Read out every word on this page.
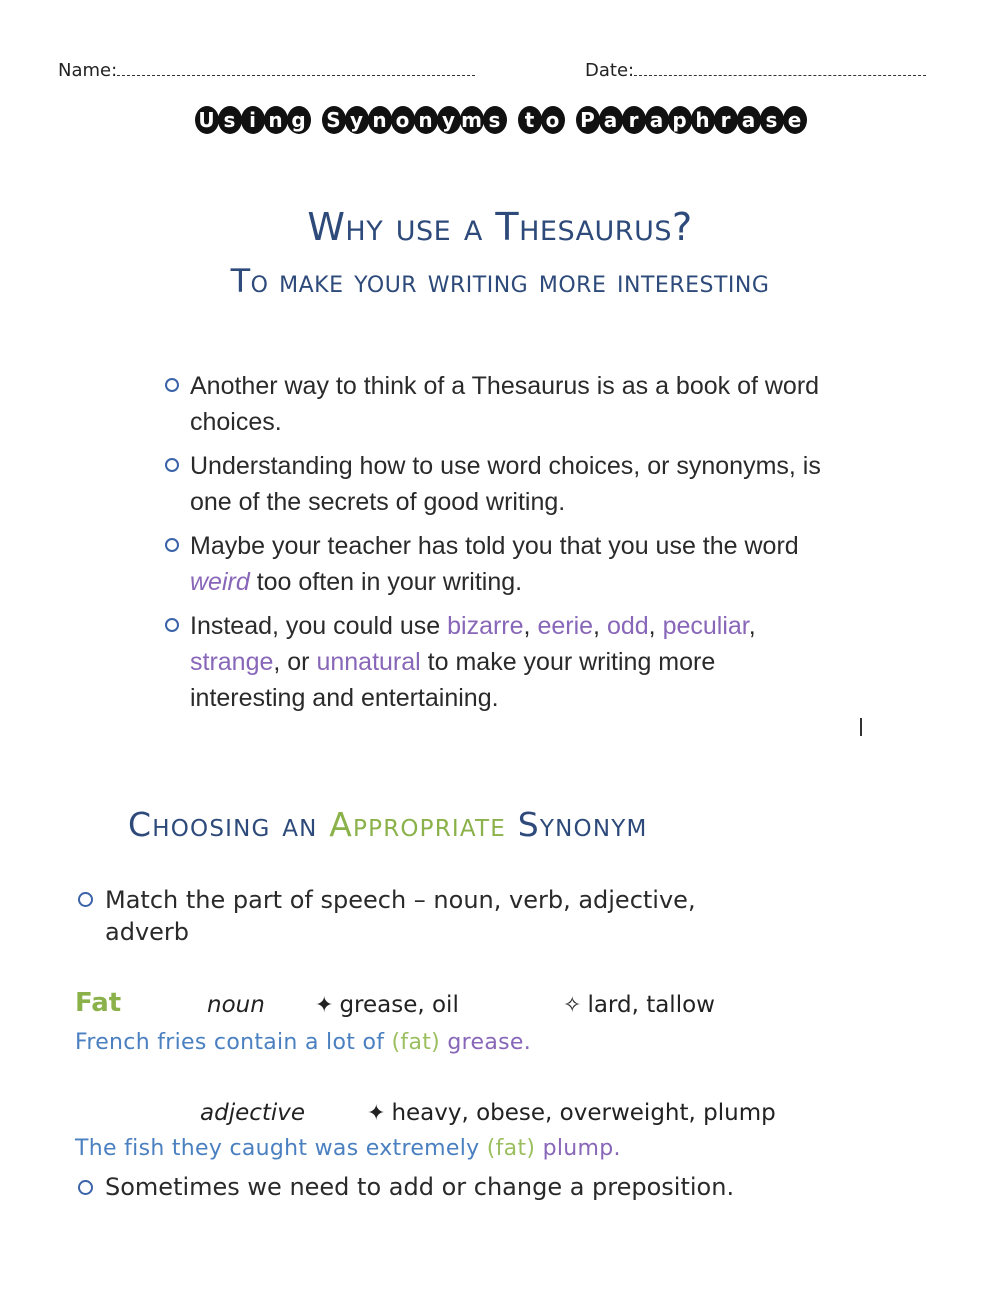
Name:	Date:
U s i n g S y n o n y m s t o P a r a p h r a s e
Why use a Thesaurus?
To make your writing more interesting
Another way to think of a Thesaurus is as a book of word choices.
Understanding how to use word choices, or synonyms, is one of the secrets of good writing.
Maybe your teacher has told you that you use the word weird too often in your writing.
Instead, you could use bizarre, eerie, odd, peculiar, strange, or unnatural to make your writing more interesting and entertaining.
Choosing an Appropriate Synonym
Match the part of speech – noun, verb, adjective,
adverb
Fat	noun ✦ grease, oil	✧ lard, tallow
French fries contain a lot of (fat) grease.
adjective	✦ heavy, obese, overweight, plump
The fish they caught was extremely (fat) plump.
Sometimes we need to add or change a preposition.
